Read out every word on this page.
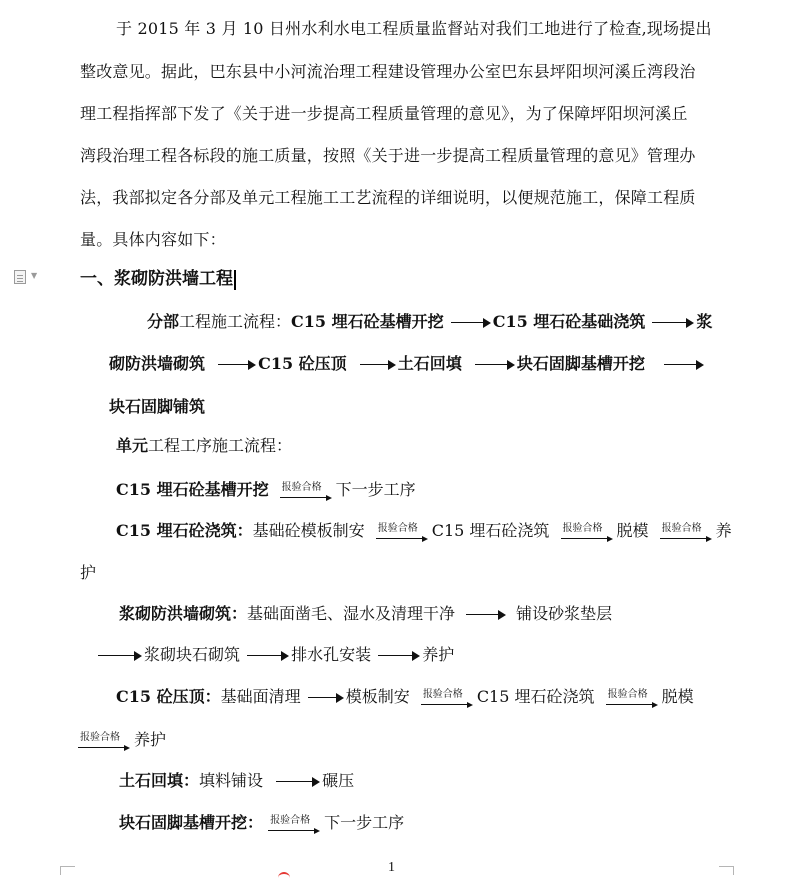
于 2015 年 3 月 10 日州水利水电工程质量监督站对我们工地进行了检查,现场提出
整改意见。据此，巴东县中小河流治理工程建设管理办公室巴东县坪阳坝河溪丘湾段治
理工程指挥部下发了《关于进一步提高工程质量管理的意见》，为了保障坪阳坝河溪丘
湾段治理工程各标段的施工质量，按照《关于进一步提高工程质量管理的意见》管理办
法，我部拟定各分部及单元工程施工工艺流程的详细说明，以便规范施工，保障工程质
量。具体内容如下：
▼	一、浆砌防洪墙工程
分部工程施工流程：C15 埋石砼基槽开挖	C15 埋石砼基础浇筑	浆
砌防洪墙砌筑	C15 砼压顶	土石回填	块石固脚基槽开挖
块石固脚铺筑
单元工程工序施工流程：
C15 埋石砼基槽开挖 报验合格 下一步工序
C15 埋石砼浇筑：基础砼模板制安 报验合格 C15 埋石砼浇筑 报验合格 脱模 报验合格 养
护
浆砌防洪墙砌筑：基础面凿毛、湿水及清理干净	铺设砂浆垫层
浆砌块石砌筑	排水孔安装	养护
C15 砼压顶：基础面清理	模板制安 报验合格 C15 埋石砼浇筑 报验合格 脱模
报验合格 养护
土石回填：填料铺设	碾压
块石固脚基槽开挖： 报验合格 下一步工序
1
